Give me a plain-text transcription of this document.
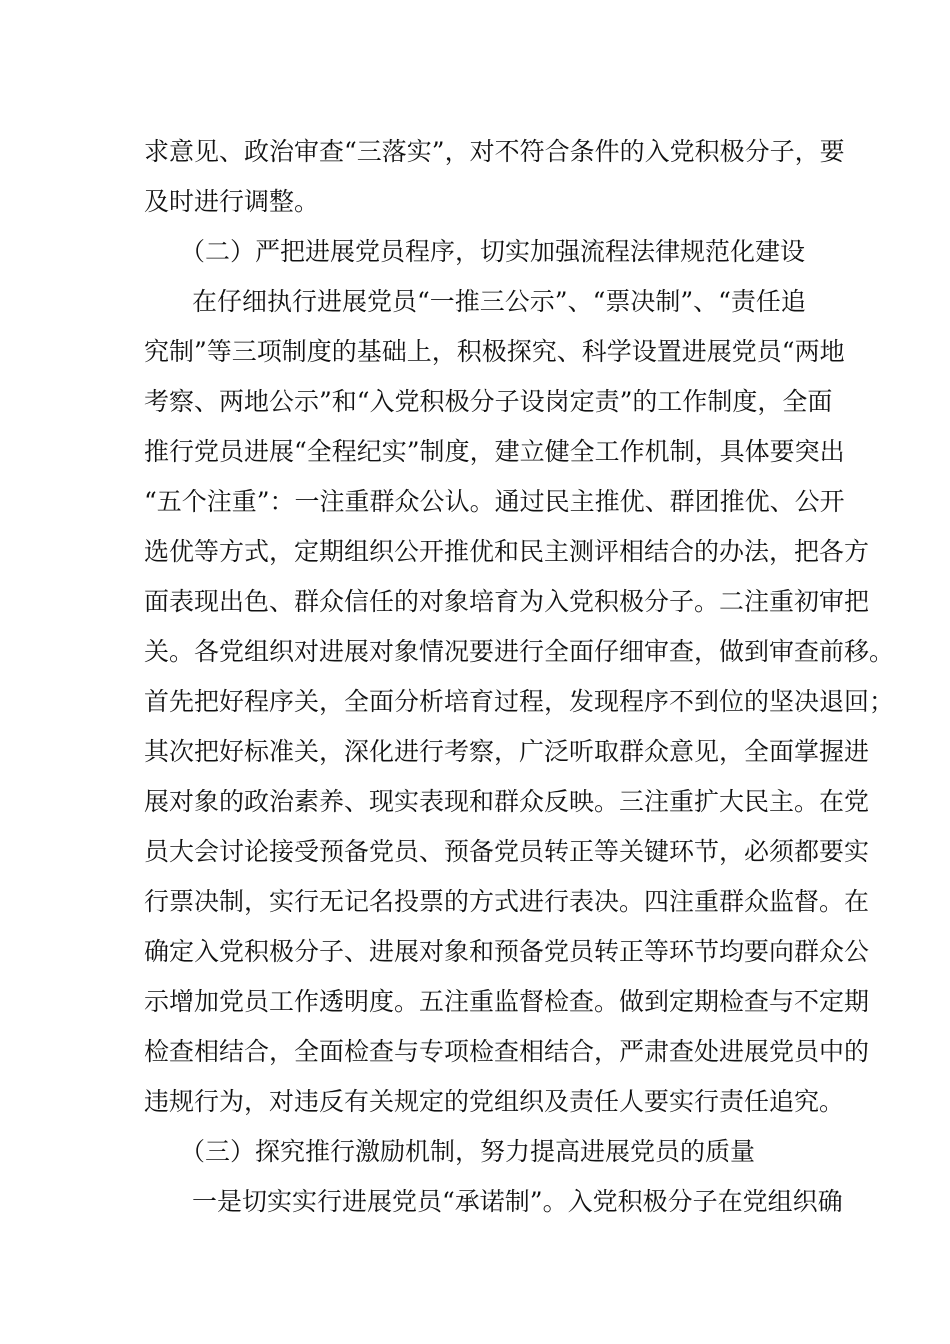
求意见、政治审查“三落实”，对不符合条件的入党积极分子，要
及时进行调整。
（二）严把进展党员程序，切实加强流程法律规范化建设
在仔细执行进展党员“一推三公示”、“票决制”、“责任追
究制”等三项制度的基础上，积极探究、科学设置进展党员“两地
考察、两地公示”和“入党积极分子设岗定责”的工作制度，全面
推行党员进展“全程纪实”制度，建立健全工作机制，具体要突出
“五个注重”：一注重群众公认。通过民主推优、群团推优、公开
选优等方式，定期组织公开推优和民主测评相结合的办法，把各方
面表现出色、群众信任的对象培育为入党积极分子。二注重初审把
关。各党组织对进展对象情况要进行全面仔细审查，做到审查前移。
首先把好程序关，全面分析培育过程，发现程序不到位的坚决退回；
其次把好标准关，深化进行考察，广泛听取群众意见，全面掌握进
展对象的政治素养、现实表现和群众反映。三注重扩大民主。在党
员大会讨论接受预备党员、预备党员转正等关键环节，必须都要实
行票决制，实行无记名投票的方式进行表决。四注重群众监督。在
确定入党积极分子、进展对象和预备党员转正等环节均要向群众公
示增加党员工作透明度。五注重监督检查。做到定期检查与不定期
检查相结合，全面检查与专项检查相结合，严肃查处进展党员中的
违规行为，对违反有关规定的党组织及责任人要实行责任追究。
（三）探究推行激励机制，努力提高进展党员的质量
一是切实实行进展党员“承诺制”。入党积极分子在党组织确
